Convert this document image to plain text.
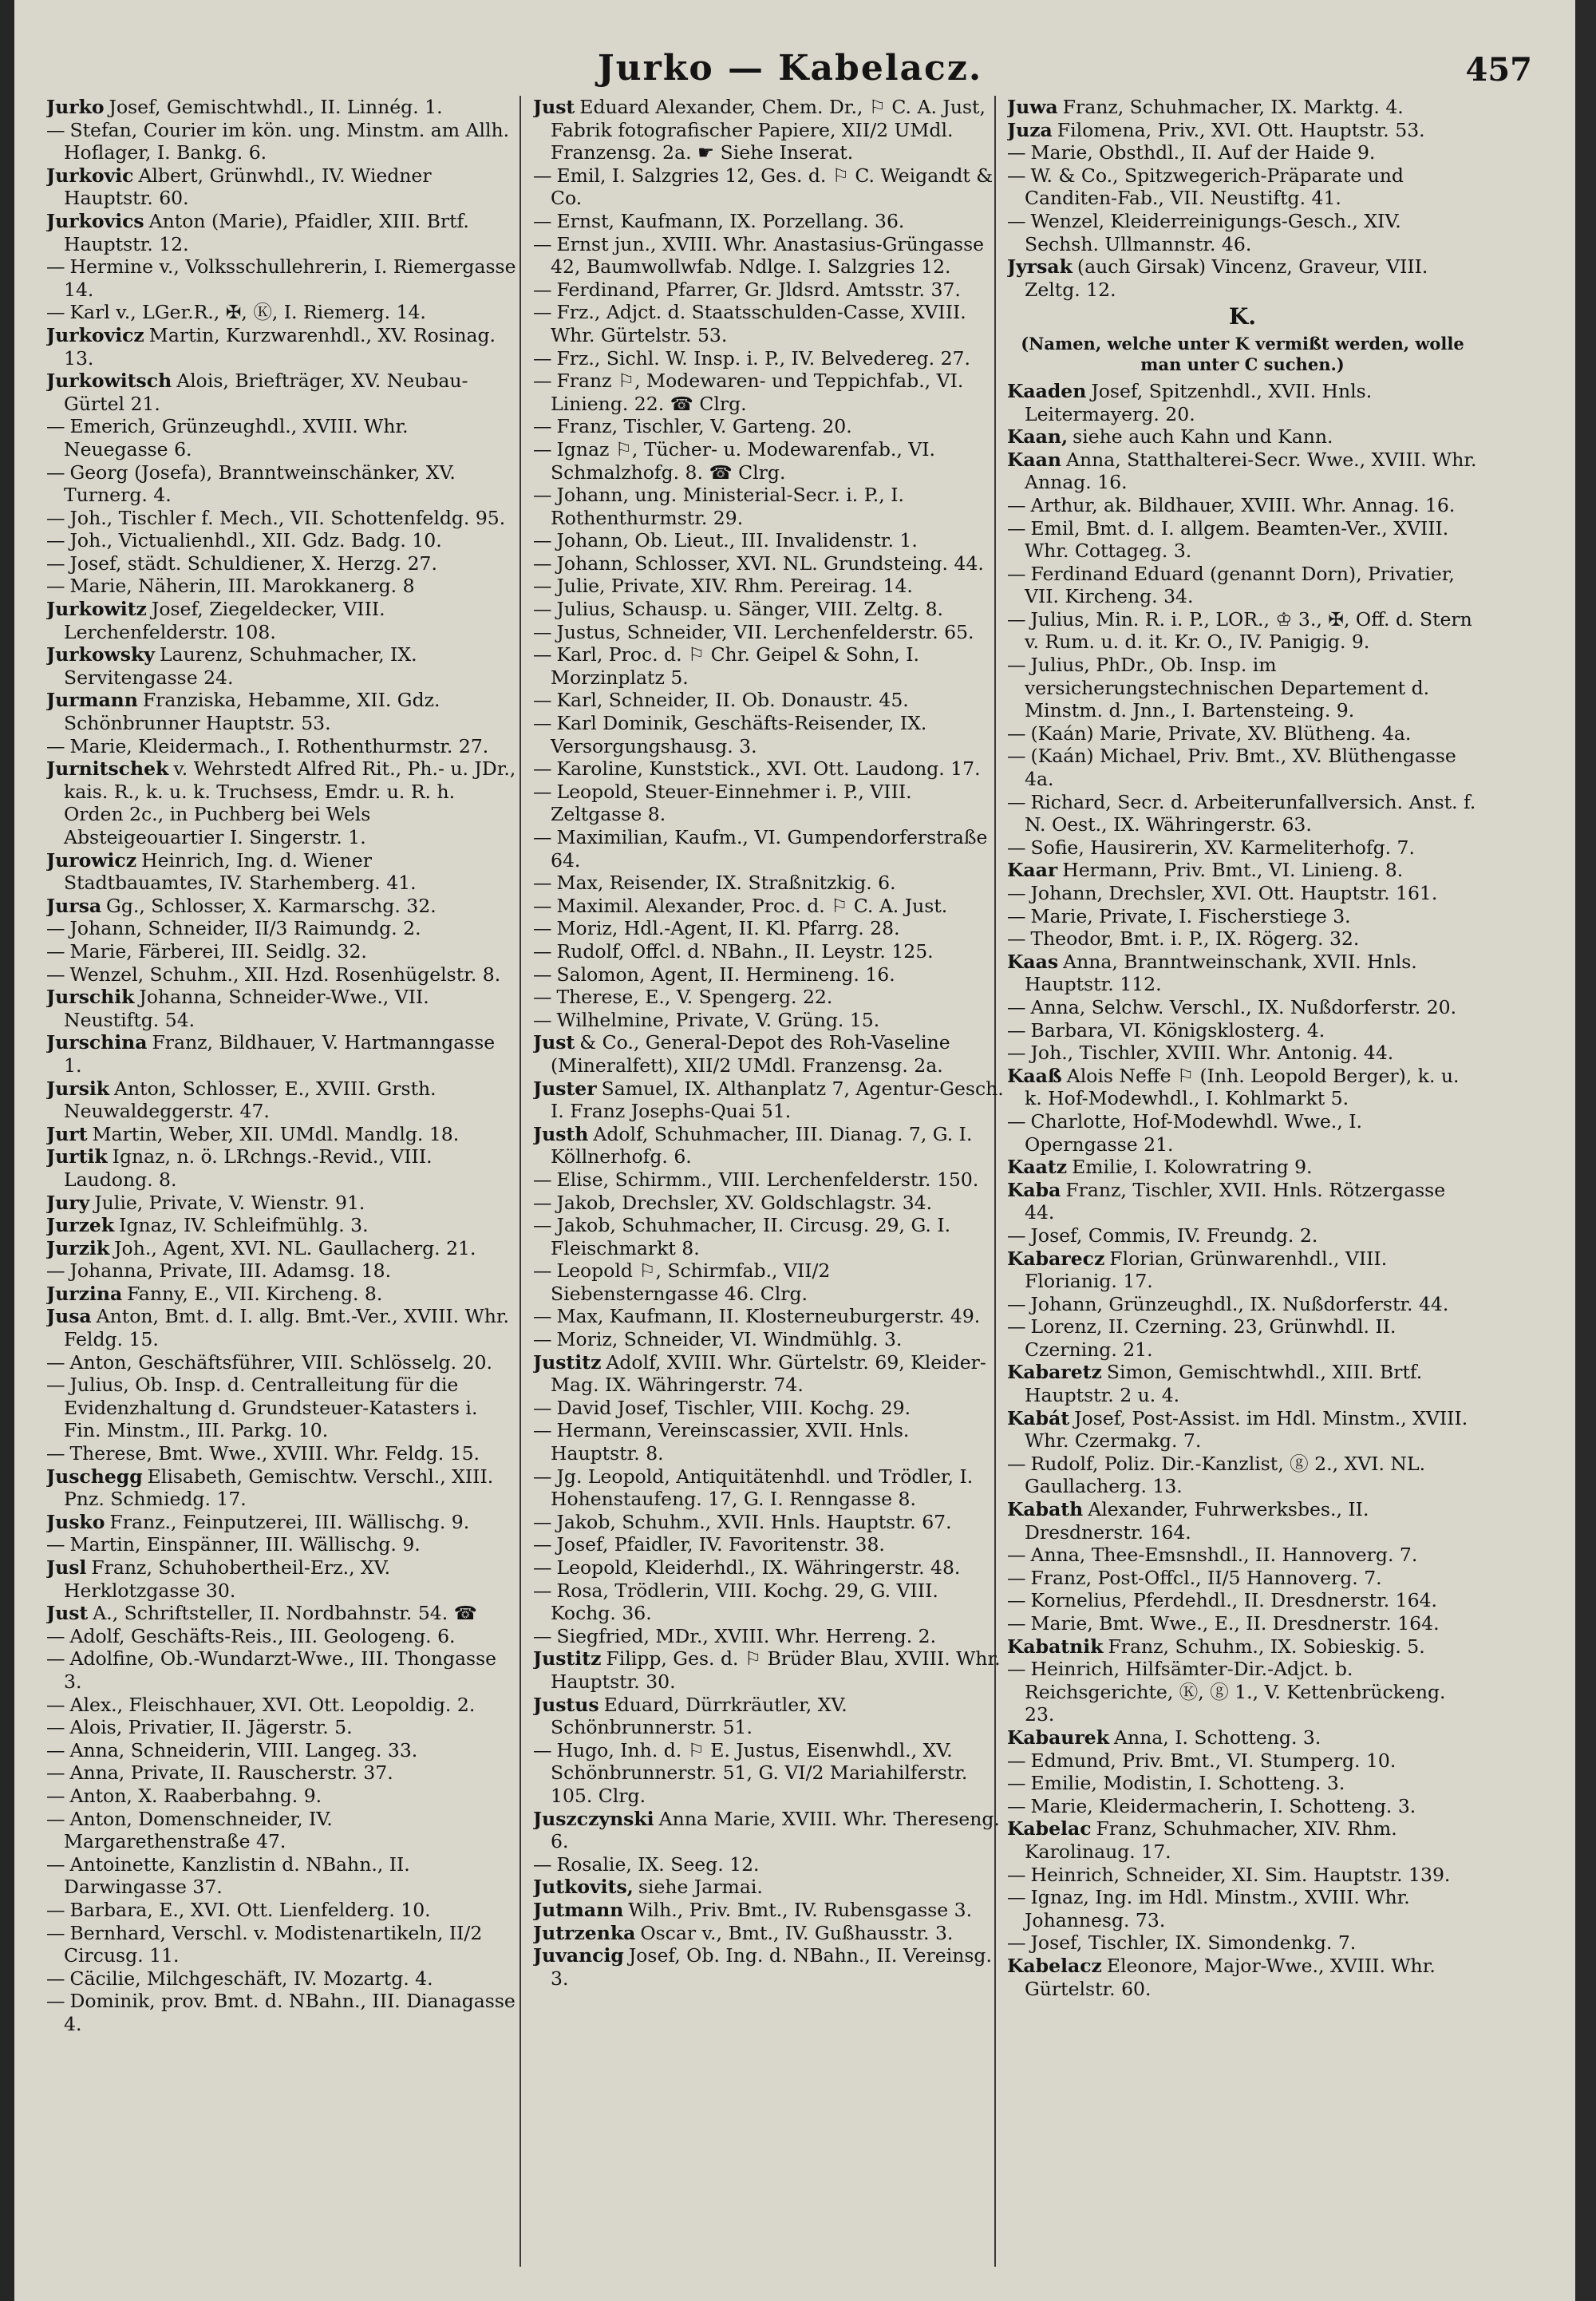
Jurko — Kabelacz.	457

Jurko Josef, Gemischtwhdl., II. Linnég. 1.

— Stefan, Courier im kön. ung. Minstm. am Allh. Hoflager, I. Bankg. 6.

Jurkovic Albert, Grünwhdl., IV. Wiedner Hauptstr. 60.

Jurkovics Anton (Marie), Pfaidler, XIII. Brtf. Hauptstr. 12.

— Hermine v., Volksschullehrerin, I. Riemergasse 14.

— Karl v., LGer.R., ✠, Ⓚ, I. Riemerg. 14.

Jurkovicz Martin, Kurzwarenhdl., XV. Rosinag. 13.

Jurkowitsch Alois, Briefträger, XV. Neubau-Gürtel 21.

— Emerich, Grünzeughdl., XVIII. Whr. Neuegasse 6.

— Georg (Josefa), Branntweinschänker, XV. Turnerg. 4.

— Joh., Tischler f. Mech., VII. Schottenfeldg. 95.

— Joh., Victualienhdl., XII. Gdz. Badg. 10.

— Josef, städt. Schuldiener, X. Herzg. 27.

— Marie, Näherin, III. Marokkanerg. 8

Jurkowitz Josef, Ziegeldecker, VIII. Lerchenfelderstr. 108.

Jurkowsky Laurenz, Schuhmacher, IX. Servitengasse 24.

Jurmann Franziska, Hebamme, XII. Gdz. Schönbrunner Hauptstr. 53.

— Marie, Kleidermach., I. Rothenthurmstr. 27.

Jurnitschek v. Wehrstedt Alfred Rit., Ph.- u. JDr., kais. R., k. u. k. Truchsess, Emdr. u. R. h. Orden 2c., in Puchberg bei Wels Absteigeouartier I. Singerstr. 1.

Jurowicz Heinrich, Ing. d. Wiener Stadtbauamtes, IV. Starhemberg. 41.

Jursa Gg., Schlosser, X. Karmarschg. 32.

— Johann, Schneider, II/3 Raimundg. 2.

— Marie, Färberei, III. Seidlg. 32.

— Wenzel, Schuhm., XII. Hzd. Rosenhügelstr. 8.

Jurschik Johanna, Schneider-Wwe., VII. Neustiftg. 54.

Jurschina Franz, Bildhauer, V. Hartmanngasse 1.

Jursik Anton, Schlosser, E., XVIII. Grsth. Neuwaldeggerstr. 47.

Jurt Martin, Weber, XII. UMdl. Mandlg. 18.

Jurtik Ignaz, n. ö. LRchngs.-Revid., VIII. Laudong. 8.

Jury Julie, Private, V. Wienstr. 91.

Jurzek Ignaz, IV. Schleifmühlg. 3.

Jurzik Joh., Agent, XVI. NL. Gaullacherg. 21.

— Johanna, Private, III. Adamsg. 18.

Jurzina Fanny, E., VII. Kircheng. 8.

Jusa Anton, Bmt. d. I. allg. Bmt.-Ver., XVIII. Whr. Feldg. 15.

— Anton, Geschäftsführer, VIII. Schlösselg. 20.

— Julius, Ob. Insp. d. Centralleitung für die Evidenzhaltung d. Grundsteuer-Katasters i. Fin. Minstm., III. Parkg. 10.

— Therese, Bmt. Wwe., XVIII. Whr. Feldg. 15.

Juschegg Elisabeth, Gemischtw. Verschl., XIII. Pnz. Schmiedg. 17.

Jusko Franz., Feinputzerei, III. Wällischg. 9.

— Martin, Einspänner, III. Wällischg. 9.

Jusl Franz, Schuhobertheil-Erz., XV. Herklotzgasse 30.

Just A., Schriftsteller, II. Nordbahnstr. 54. ☎

— Adolf, Geschäfts-Reis., III. Geologeng. 6.

— Adolfine, Ob.-Wundarzt-Wwe., III. Thongasse 3.

— Alex., Fleischhauer, XVI. Ott. Leopoldig. 2.

— Alois, Privatier, II. Jägerstr. 5.

— Anna, Schneiderin, VIII. Langeg. 33.

— Anna, Private, II. Rauscherstr. 37.

— Anton, X. Raaberbahng. 9.

— Anton, Domenschneider, IV. Margarethenstraße 47.

— Antoinette, Kanzlistin d. NBahn., II. Darwingasse 37.

— Barbara, E., XVI. Ott. Lienfelderg. 10.

— Bernhard, Verschl. v. Modistenartikeln, II/2 Circusg. 11.

— Cäcilie, Milchgeschäft, IV. Mozartg. 4.

— Dominik, prov. Bmt. d. NBahn., III. Dianagasse 4.

Just Eduard Alexander, Chem. Dr., ⚐ C. A. Just, Fabrik fotografischer Papiere, XII/2 UMdl. Franzensg. 2a. ☛ Siehe Inserat.

— Emil, I. Salzgries 12, Ges. d. ⚐ C. Weigandt & Co.

— Ernst, Kaufmann, IX. Porzellang. 36.

— Ernst jun., XVIII. Whr. Anastasius-Grüngasse 42, Baumwollwfab. Ndlge. I. Salzgries 12.

— Ferdinand, Pfarrer, Gr. Jldsrd. Amtsstr. 37.

— Frz., Adjct. d. Staatsschulden-Casse, XVIII. Whr. Gürtelstr. 53.

— Frz., Sichl. W. Insp. i. P., IV. Belvedereg. 27.

— Franz ⚐, Modewaren- und Teppichfab., VI. Linieng. 22. ☎ Clrg.

— Franz, Tischler, V. Garteng. 20.

— Ignaz ⚐, Tücher- u. Modewarenfab., VI. Schmalzhofg. 8. ☎ Clrg.

— Johann, ung. Ministerial-Secr. i. P., I. Rothenthurmstr. 29.

— Johann, Ob. Lieut., III. Invalidenstr. 1.

— Johann, Schlosser, XVI. NL. Grundsteing. 44.

— Julie, Private, XIV. Rhm. Pereirag. 14.

— Julius, Schausp. u. Sänger, VIII. Zeltg. 8.

— Justus, Schneider, VII. Lerchenfelderstr. 65.

— Karl, Proc. d. ⚐ Chr. Geipel & Sohn, I. Morzinplatz 5.

— Karl, Schneider, II. Ob. Donaustr. 45.

— Karl Dominik, Geschäfts-Reisender, IX. Versorgungshausg. 3.

— Karoline, Kunststick., XVI. Ott. Laudong. 17.

— Leopold, Steuer-Einnehmer i. P., VIII. Zeltgasse 8.

— Maximilian, Kaufm., VI. Gumpendorferstraße 64.

— Max, Reisender, IX. Straßnitzkig. 6.

— Maximil. Alexander, Proc. d. ⚐ C. A. Just.

— Moriz, Hdl.-Agent, II. Kl. Pfarrg. 28.

— Rudolf, Offcl. d. NBahn., II. Leystr. 125.

— Salomon, Agent, II. Hermineng. 16.

— Therese, E., V. Spengerg. 22.

— Wilhelmine, Private, V. Grüng. 15.

Just & Co., General-Depot des Roh-Vaseline (Mineralfett), XII/2 UMdl. Franzensg. 2a.

Juster Samuel, IX. Althanplatz 7, Agentur-Gesch. I. Franz Josephs-Quai 51.

Justh Adolf, Schuhmacher, III. Dianag. 7, G. I. Köllnerhofg. 6.

— Elise, Schirmm., VIII. Lerchenfelderstr. 150.

— Jakob, Drechsler, XV. Goldschlagstr. 34.

— Jakob, Schuhmacher, II. Circusg. 29, G. I. Fleischmarkt 8.

— Leopold ⚐, Schirmfab., VII/2 Siebensterngasse 46. Clrg.

— Max, Kaufmann, II. Klosterneuburgerstr. 49.

— Moriz, Schneider, VI. Windmühlg. 3.

Justitz Adolf, XVIII. Whr. Gürtelstr. 69, Kleider-Mag. IX. Währingerstr. 74.

— David Josef, Tischler, VIII. Kochg. 29.

— Hermann, Vereinscassier, XVII. Hnls. Hauptstr. 8.

— Jg. Leopold, Antiquitätenhdl. und Trödler, I. Hohenstaufeng. 17, G. I. Renngasse 8.

— Jakob, Schuhm., XVII. Hnls. Hauptstr. 67.

— Josef, Pfaidler, IV. Favoritenstr. 38.

— Leopold, Kleiderhdl., IX. Währingerstr. 48.

— Rosa, Trödlerin, VIII. Kochg. 29, G. VIII. Kochg. 36.

— Siegfried, MDr., XVIII. Whr. Herreng. 2.

Justitz Filipp, Ges. d. ⚐ Brüder Blau, XVIII. Whr. Hauptstr. 30.

Justus Eduard, Dürrkräutler, XV. Schönbrunnerstr. 51.

— Hugo, Inh. d. ⚐ E. Justus, Eisenwhdl., XV. Schönbrunnerstr. 51, G. VI/2 Mariahilferstr. 105. Clrg.

Juszczynski Anna Marie, XVIII. Whr. Thereseng. 6.

— Rosalie, IX. Seeg. 12.

Jutkovits, siehe Jarmai.

Jutmann Wilh., Priv. Bmt., IV. Rubensgasse 3.

Jutrzenka Oscar v., Bmt., IV. Gußhausstr. 3.

Juvancig Josef, Ob. Ing. d. NBahn., II. Vereinsg. 3.

Juwa Franz, Schuhmacher, IX. Marktg. 4.

Juza Filomena, Priv., XVI. Ott. Hauptstr. 53.

— Marie, Obsthdl., II. Auf der Haide 9.

— W. & Co., Spitzwegerich-Präparate und Canditen-Fab., VII. Neustiftg. 41.

— Wenzel, Kleiderreinigungs-Gesch., XIV. Sechsh. Ullmannstr. 46.

Jyrsak (auch Girsak) Vincenz, Graveur, VIII. Zeltg. 12.

K.
(Namen, welche unter K vermißt werden, wolle man unter C suchen.)

Kaaden Josef, Spitzenhdl., XVII. Hnls. Leitermayerg. 20.

Kaan, siehe auch Kahn und Kann.

Kaan Anna, Statthalterei-Secr. Wwe., XVIII. Whr. Annag. 16.

— Arthur, ak. Bildhauer, XVIII. Whr. Annag. 16.

— Emil, Bmt. d. I. allgem. Beamten-Ver., XVIII. Whr. Cottageg. 3.

— Ferdinand Eduard (genannt Dorn), Privatier, VII. Kircheng. 34.

— Julius, Min. R. i. P., LOR., ♔ 3., ✠, Off. d. Stern v. Rum. u. d. it. Kr. O., IV. Panigig. 9.

— Julius, PhDr., Ob. Insp. im versicherungstechnischen Departement d. Minstm. d. Jnn., I. Bartensteing. 9.

— (Kaán) Marie, Private, XV. Blütheng. 4a.

— (Kaán) Michael, Priv. Bmt., XV. Blüthengasse 4a.

— Richard, Secr. d. Arbeiterunfallversich. Anst. f. N. Oest., IX. Währingerstr. 63.

— Sofie, Hausirerin, XV. Karmeliterhofg. 7.

Kaar Hermann, Priv. Bmt., VI. Linieng. 8.

— Johann, Drechsler, XVI. Ott. Hauptstr. 161.

— Marie, Private, I. Fischerstiege 3.

— Theodor, Bmt. i. P., IX. Rögerg. 32.

Kaas Anna, Branntweinschank, XVII. Hnls. Hauptstr. 112.

— Anna, Selchw. Verschl., IX. Nußdorferstr. 20.

— Barbara, VI. Königsklosterg. 4.

— Joh., Tischler, XVIII. Whr. Antonig. 44.

Kaaß Alois Neffe ⚐ (Inh. Leopold Berger), k. u. k. Hof-Modewhdl., I. Kohlmarkt 5.

— Charlotte, Hof-Modewhdl. Wwe., I. Operngasse 21.

Kaatz Emilie, I. Kolowratring 9.

Kaba Franz, Tischler, XVII. Hnls. Rötzergasse 44.

— Josef, Commis, IV. Freundg. 2.

Kabarecz Florian, Grünwarenhdl., VIII. Florianig. 17.

— Johann, Grünzeughdl., IX. Nußdorferstr. 44.

— Lorenz, II. Czerning. 23, Grünwhdl. II. Czerning. 21.

Kabaretz Simon, Gemischtwhdl., XIII. Brtf. Hauptstr. 2 u. 4.

Kabát Josef, Post-Assist. im Hdl. Minstm., XVIII. Whr. Czermakg. 7.

— Rudolf, Poliz. Dir.-Kanzlist, ⓖ 2., XVI. NL. Gaullacherg. 13.

Kabath Alexander, Fuhrwerksbes., II. Dresdnerstr. 164.

— Anna, Thee-Emsnshdl., II. Hannoverg. 7.

— Franz, Post-Offcl., II/5 Hannoverg. 7.

— Kornelius, Pferdehdl., II. Dresdnerstr. 164.

— Marie, Bmt. Wwe., E., II. Dresdnerstr. 164.

Kabatnik Franz, Schuhm., IX. Sobieskig. 5.

— Heinrich, Hilfsämter-Dir.-Adjct. b. Reichsgerichte, Ⓚ, ⓖ 1., V. Kettenbrückeng. 23.

Kabaurek Anna, I. Schotteng. 3.

— Edmund, Priv. Bmt., VI. Stumperg. 10.

— Emilie, Modistin, I. Schotteng. 3.

— Marie, Kleidermacherin, I. Schotteng. 3.

Kabelac Franz, Schuhmacher, XIV. Rhm. Karolinaug. 17.

— Heinrich, Schneider, XI. Sim. Hauptstr. 139.

— Ignaz, Ing. im Hdl. Minstm., XVIII. Whr. Johannesg. 73.

— Josef, Tischler, IX. Simondenkg. 7.

Kabelacz Eleonore, Major-Wwe., XVIII. Whr. Gürtelstr. 60.
